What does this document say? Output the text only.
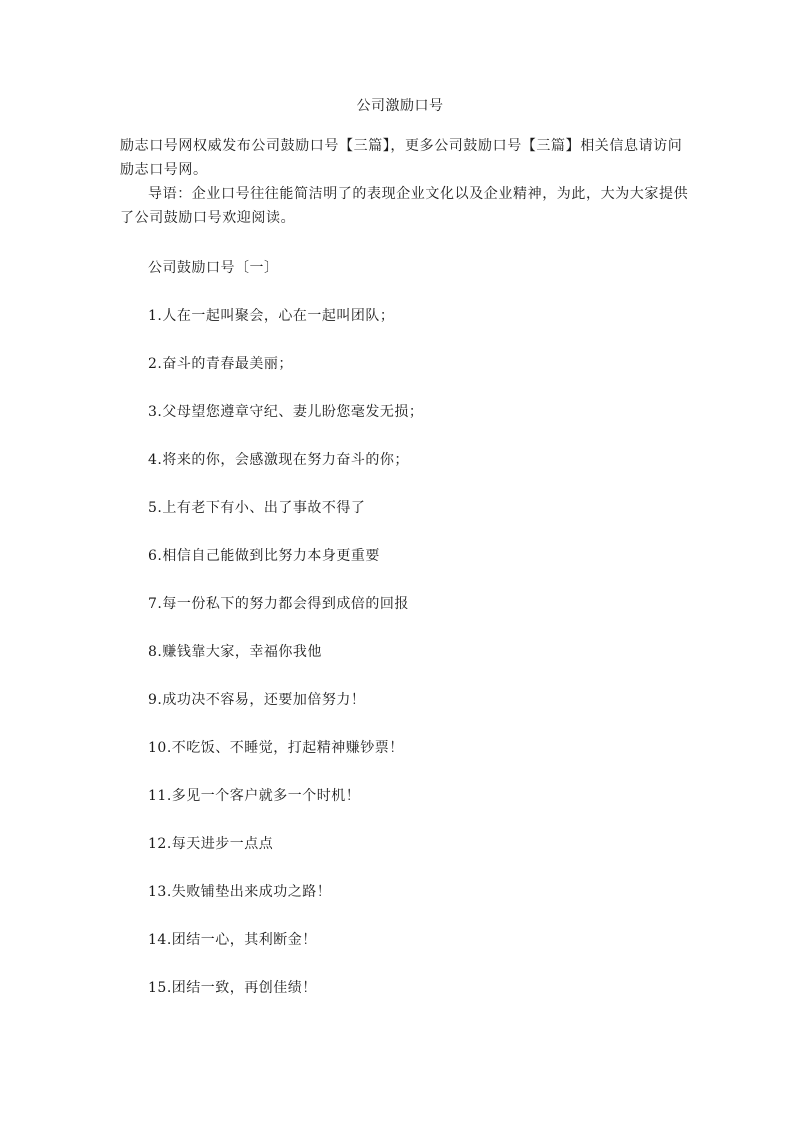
公司激励口号

励志口号网权威发布公司鼓励口号【三篇】，更多公司鼓励口号【三篇】相关信息请访问励志口号网。

导语：企业口号往往能简洁明了的表现企业文化以及企业精神，为此，大为大家提供了公司鼓励口号欢迎阅读。

公司鼓励口号〔一〕
1.人在一起叫聚会，心在一起叫团队；
2.奋斗的青春最美丽；
3.父母望您遵章守纪、妻儿盼您毫发无损；
4.将来的你，会感激现在努力奋斗的你；
5.上有老下有小、出了事故不得了
6.相信自己能做到比努力本身更重要
7.每一份私下的努力都会得到成倍的回报
8.赚钱靠大家，幸福你我他
9.成功决不容易，还要加倍努力！
10.不吃饭、不睡觉，打起精神赚钞票！
11.多见一个客户就多一个时机！
12.每天进步一点点
13.失败铺垫出来成功之路！
14.团结一心，其利断金！
15.团结一致，再创佳绩！
